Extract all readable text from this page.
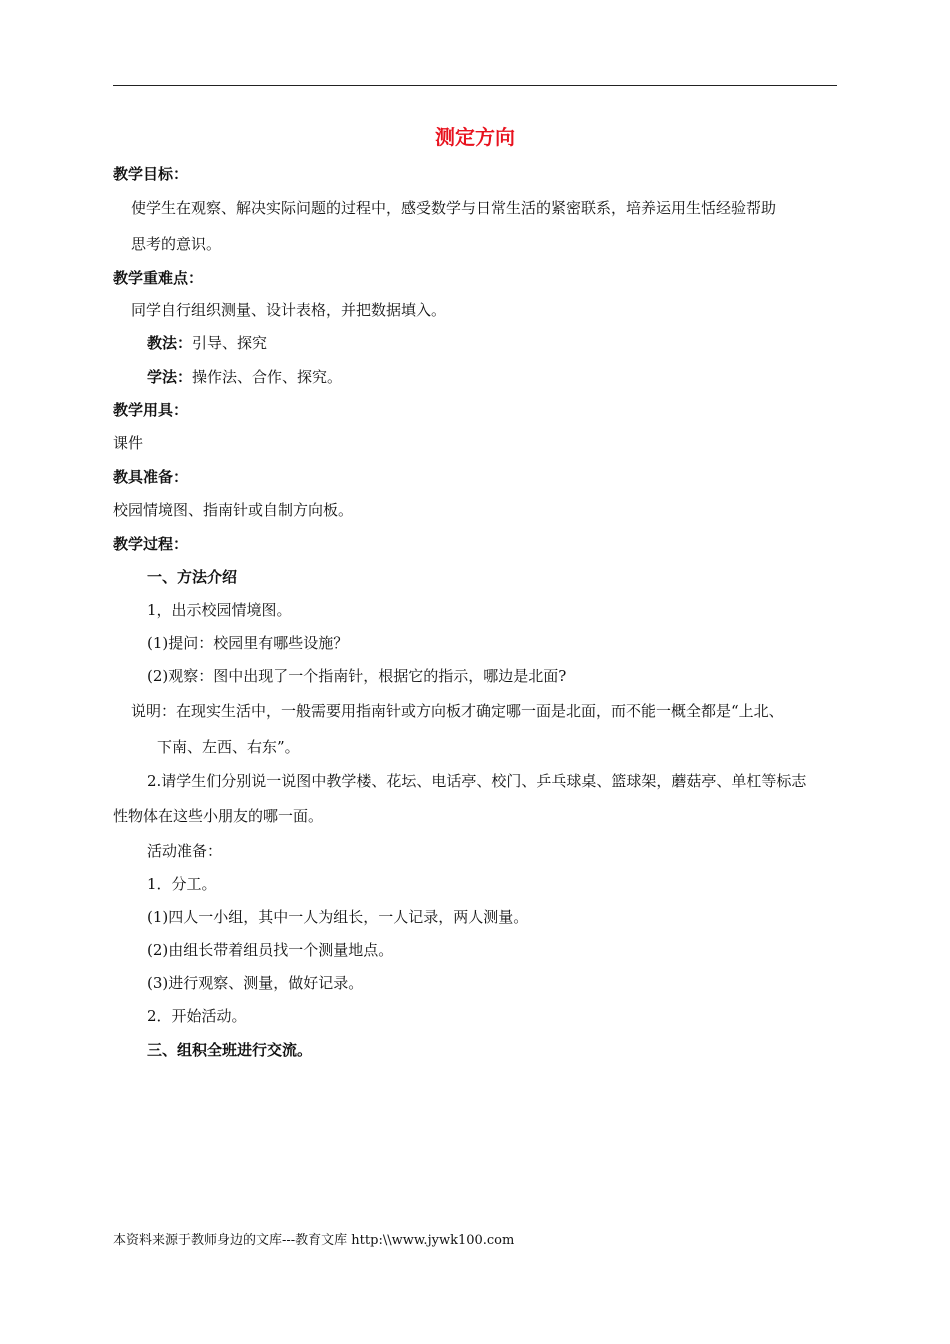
测定方向
教学目标：
使学生在观察、解决实际问题的过程中，感受数学与日常生活的紧密联系，培养运用生恬经验帮助
思考的意识。
教学重难点：
同学自行组织测量、设计表格，并把数据填入。
教法：引导、探究
学法：操作法、合作、探究。
教学用具：
课件
教具准备：
校园情境图、指南针或自制方向板。
教学过程：
一、方法介绍
1，出示校园情境图。
(1)提问：校园里有哪些设施？
(2)观察：图中出现了一个指南针，根据它的指示，哪边是北面?
说明：在现实生活中，一般需要用指南针或方向板才确定哪一面是北面，而不能一概全都是“上北、
下南、左西、右东”。
2.请学生们分别说一说图中教学楼、花坛、电话亭、校门、乒乓球桌、篮球架，蘑菇亭、单杠等标志
性物体在这些小朋友的哪一面。
活动准备：
1．分工。
(1)四人一小组，其中一人为组长，一人记录，两人测量。
(2)由组长带着组员找一个测量地点。
(3)进行观察、测量，做好记录。
2．开始活动。
三、组积全班进行交流。
本资料来源于教师身边的文库---教育文库 http:\\www.jywk100.com
